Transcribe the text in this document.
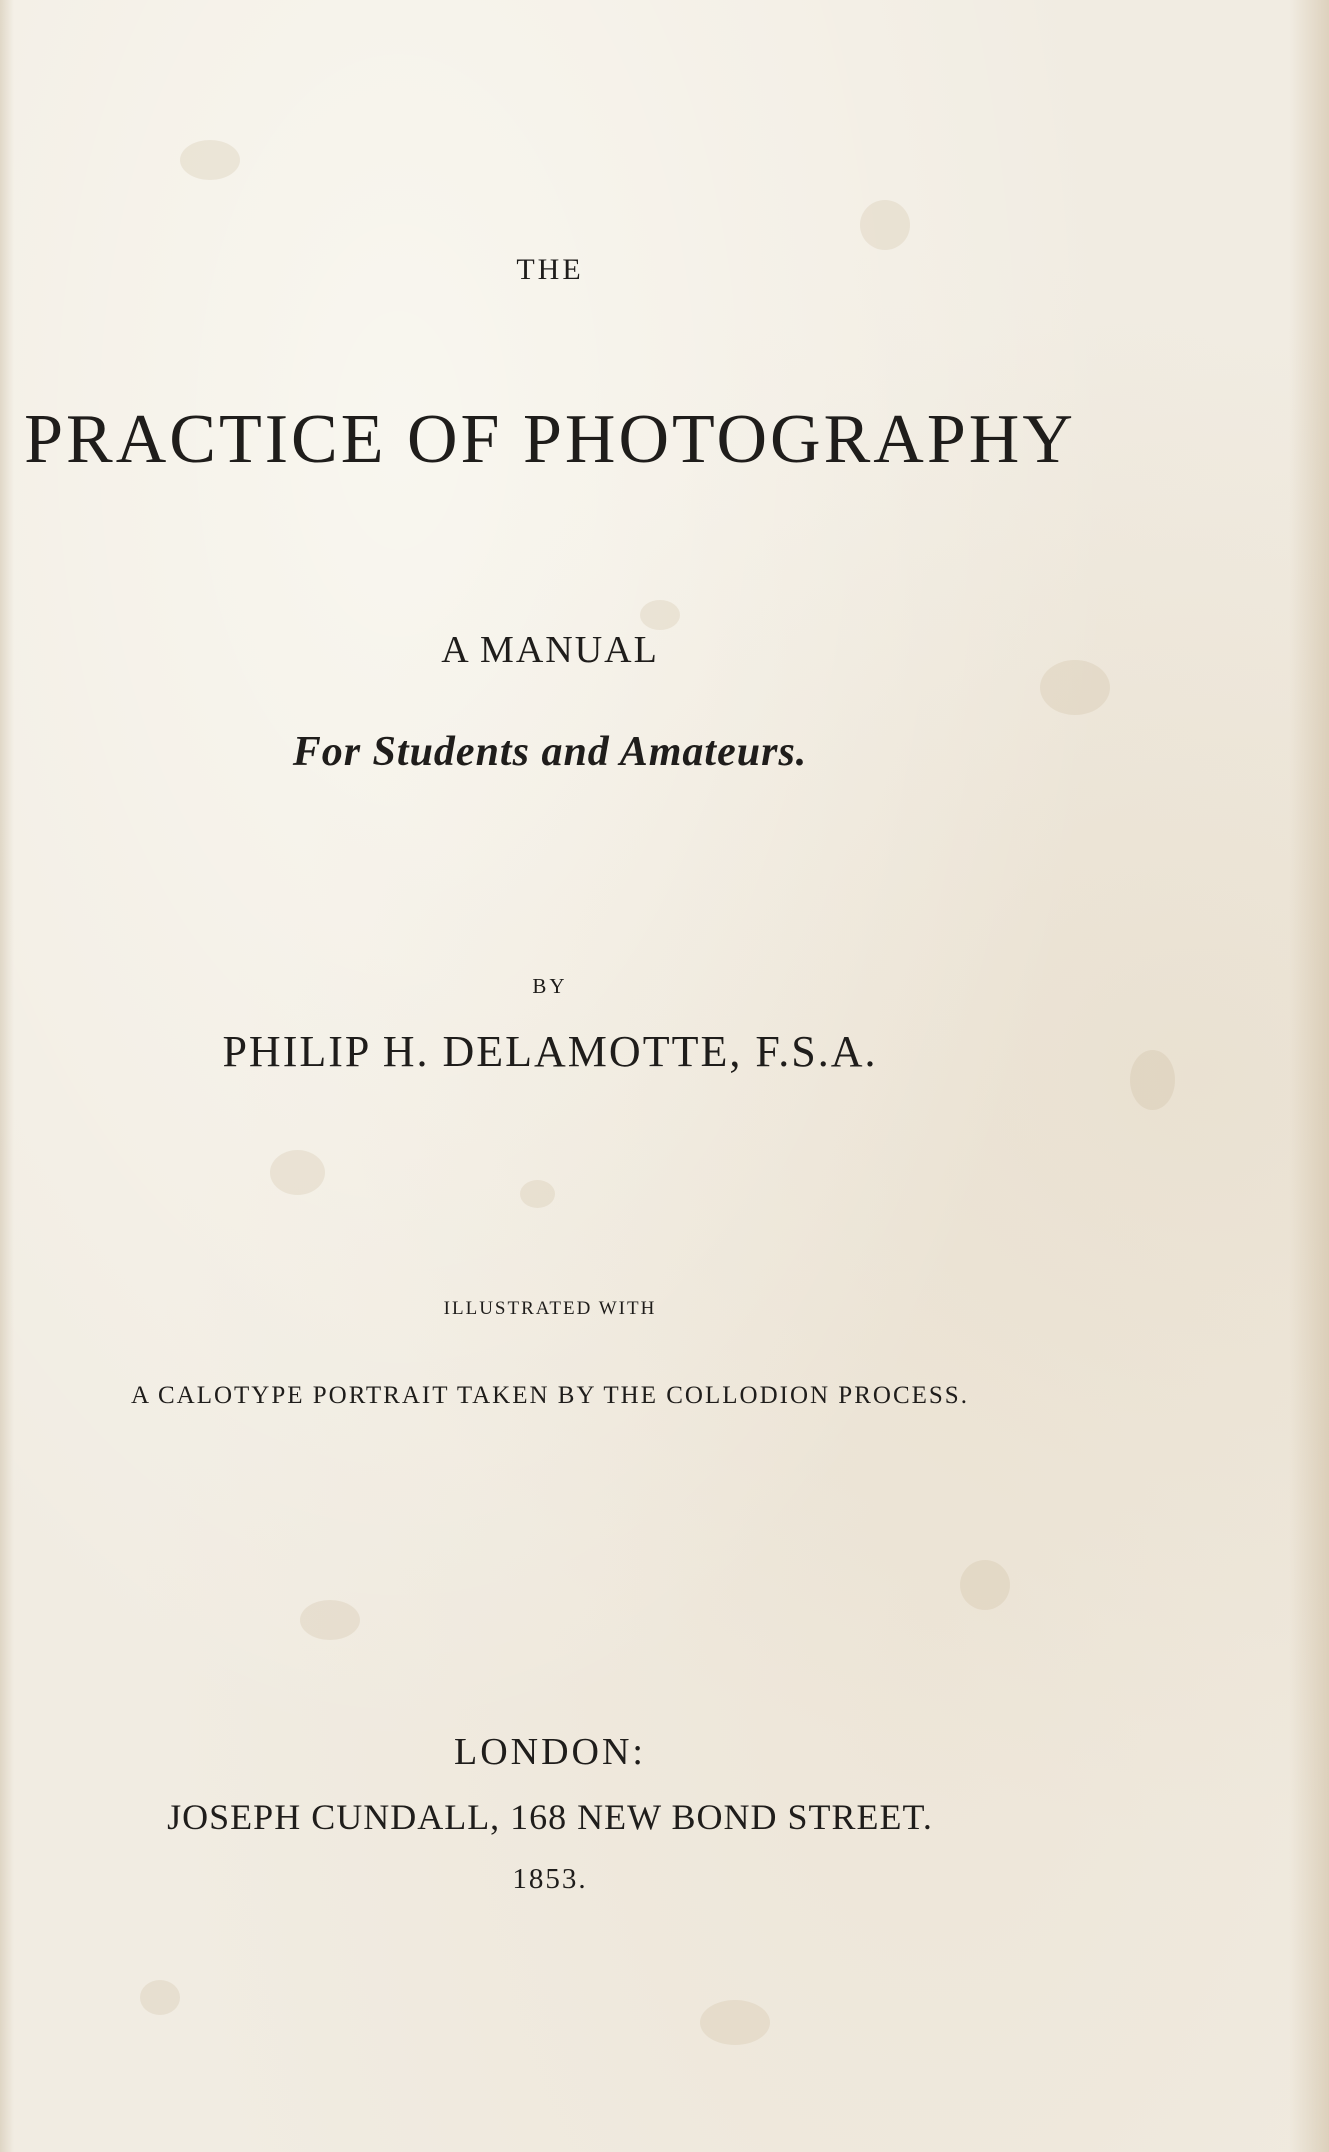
THE
PRACTICE OF PHOTOGRAPHY
A MANUAL
For Students and Amateurs.
BY
PHILIP H. DELAMOTTE, F.S.A.
ILLUSTRATED WITH
A CALOTYPE PORTRAIT TAKEN BY THE COLLODION PROCESS.
LONDON:
JOSEPH CUNDALL, 168 NEW BOND STREET.
1853.
